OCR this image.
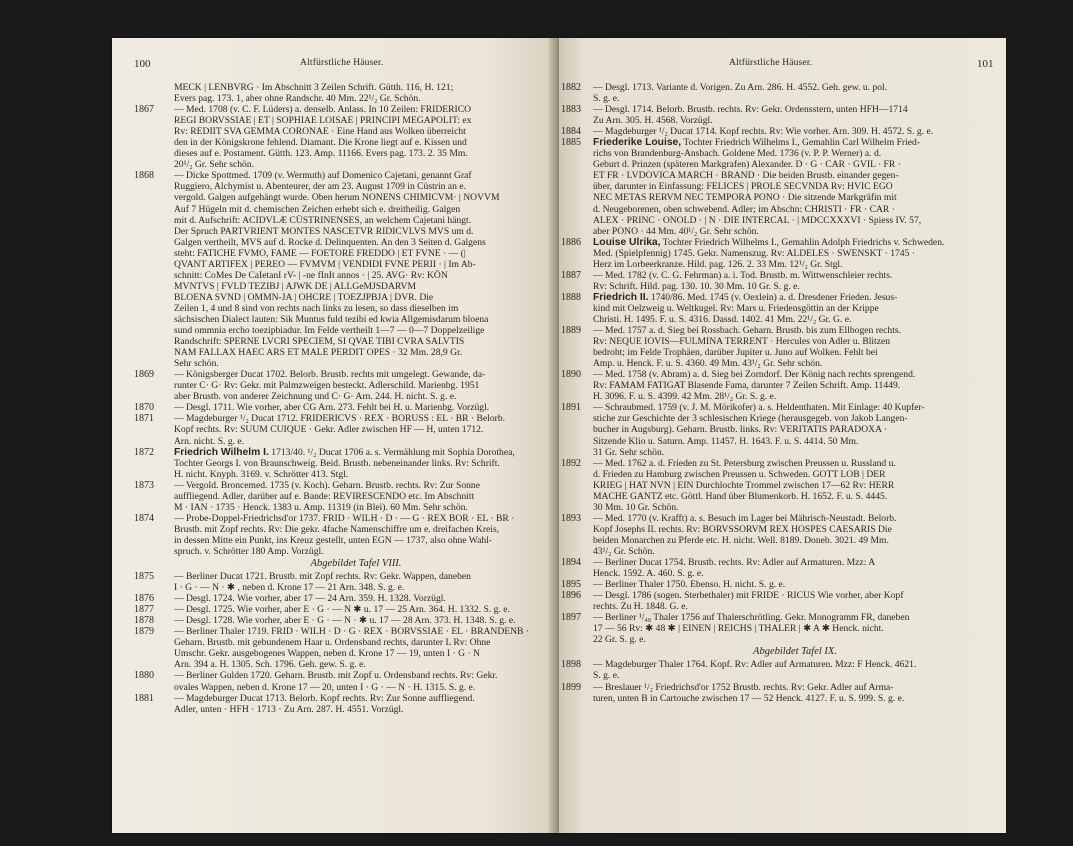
100	Altfürstliche Häuser.
MECK | LENBVRG · Im Abschnitt 3 Zeilen Schrift. Gütth. 116, H. 121;
Evers pag. 173. 1, aber ohne Randschr. 40 Mm. 22¹/₂ Gr. Schön.
1867 — Med. 1708 (v. C. F. Lüders) a. denselb. Anlass. In 10 Zeilen: FRIDERICO
REGI BORVSSIAE | ET | SOPHIAE LOISAE | PRINCIPI MEGAPOLIT: ex
Rv: REDIIT SVA GEMMA CORONAE · Eine Hand aus Wolken überreicht
den in der Königskrone fehlend. Diamant. Die Krone liegt auf e. Kissen und
dieses auf e. Postament. Gütth. 123. Amp. 11166. Evers pag. 173. 2. 35 Mm.
20¹/₂ Gr. Sehr schön.
1868 — Dicke Spottmed. 1709 (v. Wermuth) auf Domenico Cajetani, genannt Graf
Ruggiero, Alchymist u. Abenteurer, der am 23. August 1709 in Cüstrin an e.
vergold. Galgen aufgehängt wurde. Oben herum NONENS CHIMICVM· | NOVVM
Auf 7 Hügeln mit d. chemischen Zeichen erhebt sich e. dreitheilig. Galgen
mit d. Aufschrift: ACIDVLÆ CÜSTRINENSES, an welchem Cajetani hängt.
Der Spruch PARTVRIENT MONTES NASCETVR RIDICVLVS MVS um d.
Galgen vertheilt, MVS auf d. Rocke d. Delinquenten. An den 3 Seiten d. Galgens
steht: FATICHE FVMO, FAME — FOETORE FREDDO | ET FVNE · — (|
QVANT ARTIFEX | PEREO — FVMVM | VENDIDI FVNE PERII · | Im Ab-
schnitt: CoMes De CaIetanI rV- | -ne fInIt annos · | 25. AVG· Rv: KÖN
MVNTVS | FVLD TEZIBJ | AJWK DE | ALLGeMJSDARVM
BLOENA SVND | OMMN-JA | OHCRE | TOEZJPBJA | DVR. Die
Zeilen 1, 4 und 8 sind von rechts nach links zu lesen, so dass dieselben im
sächsischen Dialect lauten: Sik Muntus fuld tezibi ed kwia Allgemisdarum bloena
sund ommnia ercho toezipbiadur. Im Felde vertheilt 1—7 — 0—7 Doppelzeilige
Randschrift: SPERNE LVCRI SPECIEM, SI QVAE TIBI CVRA SALVTIS
NAM FALLAX HAEC ARS ET MALE PERDIT OPES · 32 Mm. 28,9 Gr.
Sehr schön.
1869 — Königsberger Ducat 1702. Belorb. Brustb. rechts mit umgelegt. Gewande, da-
runter C· G· Rv: Gekr. mit Palmzweigen besteckt. Adlerschild. Marienbg. 1951
aber Brustb. von anderer Zeichnung und C· G· Arn. 244. H. nicht. S. g. e.
1870 — Desgl. 1711. Wie vorher, aber CG Arn. 273. Fehlt bei H. u. Marienbg. Vorzügl.
1871 — Magdeburger ¹/₂ Ducat 1712. FRIDERICVS · REX · BORUSS : EL · BR · Belorb.
Kopf rechts. Rv: SUUM CUIQUE · Gekr. Adler zwischen HF — H, unten 1712.
Arn. nicht. S. g. e.
1872 Friedrich Wilhelm I. 1713/40. ¹/₂ Ducat 1706 a. s. Vermählung mit Sophia Dorothea,
Tochter Georgs I. von Braunschweig. Beid. Brustb. nebeneinander links. Rv: Schrift.
H. nicht. Knyph. 3169. v. Schrötter 413. Stgl.
1873 — Vergold. Broncemed. 1735 (v. Koch). Geharn. Brustb. rechts. Rv: Zur Sonne
auffliegend. Adler, darüber auf e. Bande: REVIRESCENDO etc. Im Abschnitt
M · IAN · 1735 · Henck. 1383 u. Amp. 11319 (in Blei). 60 Mm. Sehr schön.
1874 — Probe-Doppel-Friedrichsd'or 1737. FRID · WILH · D · — G · REX BOR · EL · BR ·
Brustb. mit Zopf rechts. Rv: Die gekr. 4fache Namenschiffre um e. dreifachen Kreis,
in dessen Mitte ein Punkt, ins Kreuz gestellt, unten EGN — 1737, also ohne Wahl-
spruch. v. Schrötter 180 Amp. Vorzügl.
Abgebildet Tafel VIII.
1875 — Berliner Ducat 1721. Brustb. mit Zopf rechts. Rv: Gekr. Wappen, daneben
I · G · — N · ✱ , neben d. Krone 17 — 21 Arn. 348. S. g. e.
1876 — Desgl. 1724. Wie vorher, aber 17 — 24 Arn. 359. H. 1328. Vorzügl.
1877 — Desgl. 1725. Wie vorher, aber E · G · — N ✱ u. 17 — 25 Arn. 364. H. 1332. S. g. e.
1878 — Desgl. 1728. Wie vorher, aber E · G · — N · ✱ u. 17 — 28 Arn. 373. H. 1348. S. g. e.
1879 — Berliner Thaler 1719. FRID · WILH · D · G · REX · BORVSSIAE · EL · BRANDENB ·
Geharn. Brustb. mit gebundenem Haar u. Ordensband rechts, darunter L Rv: Ohne
Umschr. Gekr. ausgebogenes Wappen, neben d. Krone 17 — 19, unten I · G · N
Arn. 394 a. H. 1305. Sch. 1796. Geh. gew. S. g. e.
1880 — Berliner Gulden 1720. Geharn. Brustb. mit Zopf u. Ordensband rechts. Rv: Gekr.
ovales Wappen, neben d. Krone 17 — 20, unten I · G · — N · H. 1315. S. g. e.
1881 — Magdeburger Ducat 1713. Belorb. Kopf rechts. Rv: Zur Sonne auffliegend.
Adler, unten · HFH · 1713 · Zu Arn. 287. H. 4551. Vorzügl.
Altfürstliche Häuser.	101
1882 — Desgl. 1713. Variante d. Vorigen. Zu Arn. 286. H. 4552. Geh. gew. u. pol.
S. g. e.
1883 — Desgl. 1714. Belorb. Brustb. rechts. Rv: Gekr. Ordensstern, unten HFH—1714
Zu Arn. 305. H. 4568. Vorzügl.
1884 — Magdeburger ¹/₂ Ducat 1714. Kopf rechts. Rv: Wie vorher. Arn. 309. H. 4572. S. g. e.
1885 Friederike Louise, Tochter Friedrich Wilhelms I., Gemahlin Carl Wilhelm Fried-
richs von Brandenburg-Ansbach. Goldene Med. 1736 (v. P. P. Werner) a. d.
Geburt d. Prinzen (späteren Markgrafen) Alexander. D · G · CAR · GVIL · FR ·
ET FR · LVDOVICA MARCH · BRAND · Die beiden Brustb. einander gegen-
über, darunter in Einfassung: FELICES | PROLE SECVNDA Rv: HVIC EGO
NEC METAS RERVM NEC TEMPORA PONO · Die sitzende Markgräfin mit
d. Neugeborenen, oben schwebend. Adler; im Abschn: CHRISTI · FR · CAR ·
ALEX · PRINC · ONOLD · | N · DIE INTERCAL · | MDCCXXXVI · Spiess IV. 57,
aber PONO · 44 Mm. 40¹/₂ Gr. Sehr schön.
1886 Louise Ulrika, Tochter Friedrich Wilhelms I., Gemahlin Adolph Friedrichs v. Schweden.
Med. (Spielpfennig) 1745. Gekr. Namenszug. Rv: ALDELES · SWENSKT · 1745 ·
Herz im Lorbeerkranze. Hild. pag. 126. 2. 33 Mm. 12¹/₂ Gr. Stgl.
1887 — Med. 1782 (v. C. G. Fehrman) a. i. Tod. Brustb. m. Wittwenschleier rechts.
Rv: Schrift. Hild. pag. 130. 10. 30 Mm. 10 Gr. S. g. e.
1888 Friedrich II. 1740/86. Med. 1745 (v. Oexlein) a. d. Dresdener Frieden. Jesus-
kind mit Oelzweig u. Weltkugel. Rv: Mars u. Friedensgöttin an der Krippe
Christi. H. 1495. F. u. S. 4316. Dassd. 1402. 41 Mm. 22¹/₂ Gr. G. e.
1889 — Med. 1757 a. d. Sieg bei Rossbach. Geharn. Brustb. bis zum Ellbogen rechts.
Rv: NEQUE IOVIS—FULMINA TERRENT · Hercules von Adler u. Blitzen
bedroht; im Felde Trophäen, darüber Jupiter u. Juno auf Wolken. Fehlt bei
Amp. u. Henck. F. u. S. 4360. 49 Mm. 43¹/₂ Gr. Sehr schön.
1890 — Med. 1758 (v. Abram) a. d. Sieg bei Zorndorf. Der König nach rechts sprengend.
Rv: FAMAM FATIGAT Blasende Fama, darunter 7 Zeilen Schrift. Amp. 11449.
H. 3096. F. u. S. 4399. 42 Mm. 28¹/₂ Gr. S. g. e.
1891 — Schraubmed. 1759 (v. J. M. Mörikofer) a. s. Heldenthaten. Mit Einlage: 40 Kupfer-
stiche zur Geschichte der 3 schlesischen Kriege (herausgegeb. von Jakob Langen-
bucher in Augsburg). Geharn. Brustb. links. Rv: VERITATIS PARADOXA ·
Sitzende Klio u. Saturn. Amp. 11457. H. 1643. F. u. S. 4414. 50 Mm.
31 Gr. Sehr schön.
1892 — Med. 1762 a. d. Frieden zu St. Petersburg zwischen Preussen u. Russland u.
d. Frieden zu Hamburg zwischen Preussen u. Schweden. GOTT LOB | DER
KRIEG | HAT NVN | EIN Durchlochte Trommel zwischen 17—62 Rv: HERR
MACHE GANTZ etc. Göttl. Hand über Blumenkorb. H. 1652. F. u. S. 4445.
30 Mm. 10 Gr. Schön.
1893 — Med. 1770 (v. Krafft) a. s. Besuch im Lager bei Mährisch-Neustadt. Belorb.
Kopf Josephs II. rechts. Rv: BORVSSORVM REX HOSPES CAESARIS Die
beiden Monarchen zu Pferde etc. H. nicht. Well. 8189. Doneb. 3021. 49 Mm.
43¹/₂ Gr. Schön.
1894 — Berliner Ducat 1754. Brustb. rechts. Rv: Adler auf Armaturen. Mzz: A
Henck. 1592. A. 460. S. g. e.
1895 — Berliner Thaler 1750. Ebenso. H. nicht. S. g. e.
1896 — Desgl. 1786 (sogen. Sterbethaler) mit FRIDE · RICUS Wie vorher, aber Kopf
rechts. Zu H. 1848. G. e.
1897 — Berliner ¹/₄₈ Thaler 1756 auf Thalerschrötling. Gekr. Monogramm FR, daneben
17 — 56 Rv: ✱ 48 ✱ | EINEN | REICHS | THALER | ✱ A ✱ Henck. nicht.
22 Gr. S. g. e.
Abgebildet Tafel IX.
1898 — Magdeburger Thaler 1764. Kopf. Rv: Adler auf Armaturen. Mzz: F Henck. 4621.
S. g. e.
1899 — Breslauer ¹/₂ Friedrichsd'or 1752 Brustb. rechts. Rv: Gekr. Adler auf Arma-
turen, unten B in Cartouche zwischen 17 — 52 Henck. 4127. F. u. S. 999. S. g. e.
